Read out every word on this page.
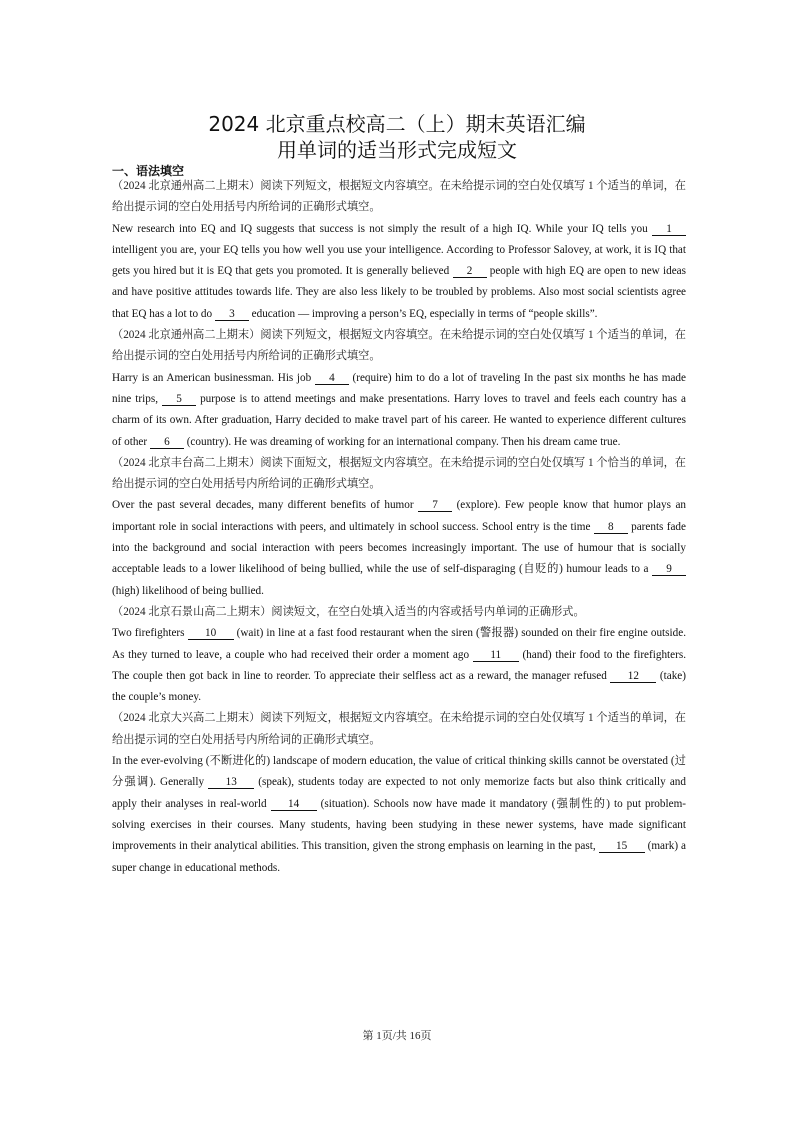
2024 北京重点校高二（上）期末英语汇编
用单词的适当形式完成短文
一、语法填空

（2024 北京通州高二上期末）阅读下列短文，根据短文内容填空。在未给提示词的空白处仅填写 1 个适当的单词，在给出提示词的空白处用括号内所给词的正确形式填空。

New research into EQ and IQ suggests that success is not simply the result of a high IQ. While your IQ tells you 1 intelligent you are, your EQ tells you how well you use your intelligence. According to Professor Salovey, at work, it is IQ that gets you hired but it is EQ that gets you promoted. It is generally believed 2 people with high EQ are open to new ideas and have positive attitudes towards life. They are also less likely to be troubled by problems. Also most social scientists agree that EQ has a lot to do 3 education — improving a person’s EQ, especially in terms of “people skills”.

（2024 北京通州高二上期末）阅读下列短文，根据短文内容填空。在未给提示词的空白处仅填写 1 个适当的单词，在给出提示词的空白处用括号内所给词的正确形式填空。

Harry is an American businessman. His job 4 (require) him to do a lot of traveling In the past six months he has made nine trips, 5 purpose is to attend meetings and make presentations. Harry loves to travel and feels each country has a charm of its own. After graduation, Harry decided to make travel part of his career. He wanted to experience different cultures of other 6 (country). He was dreaming of working for an international company. Then his dream came true.

（2024 北京丰台高二上期末）阅读下面短文，根据短文内容填空。在未给提示词的空白处仅填写 1 个恰当的单词，在给出提示词的空白处用括号内所给词的正确形式填空。

Over the past several decades, many different benefits of humor 7 (explore). Few people know that humor plays an important role in social interactions with peers, and ultimately in school success. School entry is the time 8 parents fade into the background and social interaction with peers becomes increasingly important. The use of humour that is socially acceptable leads to a lower likelihood of being bullied, while the use of self-disparaging (自贬的) humour leads to a 9 (high) likelihood of being bullied.

（2024 北京石景山高二上期末）阅读短文，在空白处填入适当的内容或括号内单词的正确形式。

Two firefighters 10 (wait) in line at a fast food restaurant when the siren (警报器) sounded on their fire engine outside. As they turned to leave, a couple who had received their order a moment ago 11 (hand) their food to the firefighters. The couple then got back in line to reorder. To appreciate their selfless act as a reward, the manager refused 12 (take) the couple’s money.

（2024 北京大兴高二上期末）阅读下列短文，根据短文内容填空。在未给提示词的空白处仅填写 1 个适当的单词，在给出提示词的空白处用括号内所给词的正确形式填空。

In the ever-evolving (不断进化的) landscape of modern education, the value of critical thinking skills cannot be overstated (过分强调). Generally 13 (speak), students today are expected to not only memorize facts but also think critically and apply their analyses in real-world 14 (situation). Schools now have made it mandatory (强制性的) to put problem-solving exercises in their courses. Many students, having been studying in these newer systems, have made significant improvements in their analytical abilities. This transition, given the strong emphasis on learning in the past, 15 (mark) a super change in educational methods.

第 1页/共 16页
